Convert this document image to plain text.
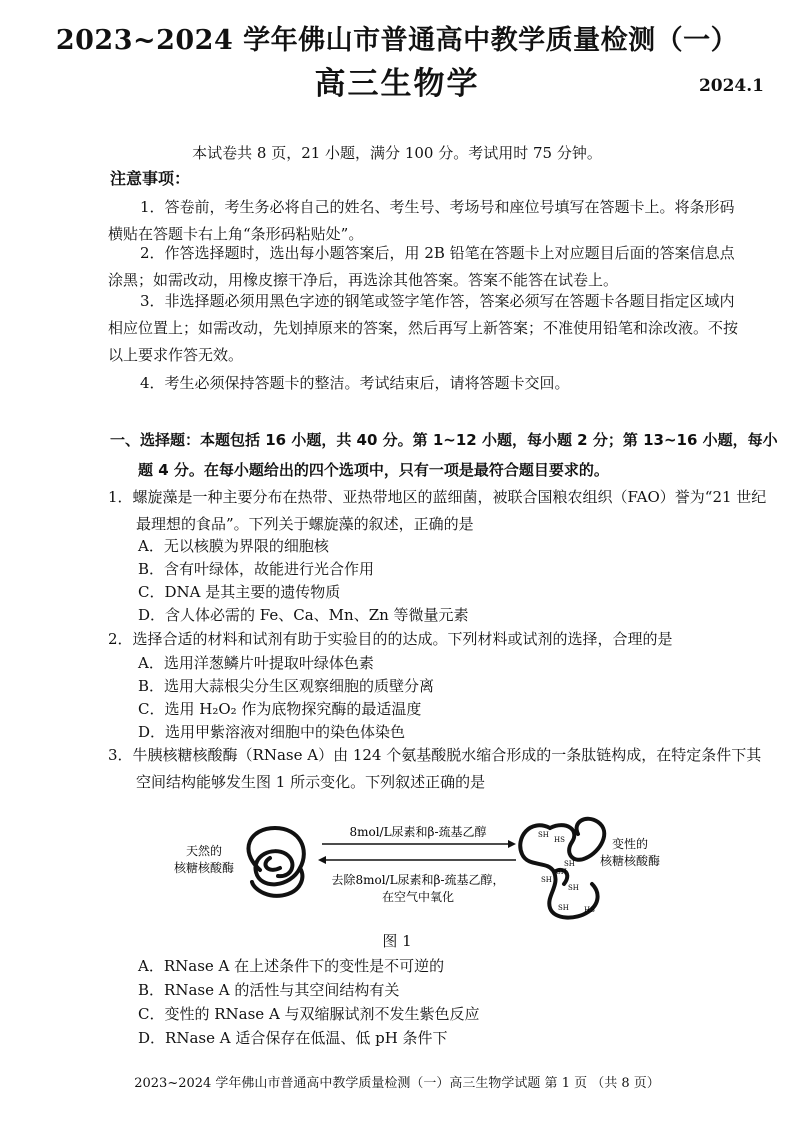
2023~2024 学年佛山市普通高中教学质量检测（一）
高三生物学	2024.1
本试卷共 8 页，21 小题，满分 100 分。考试用时 75 分钟。
注意事项：
1．答卷前，考生务必将自己的姓名、考生号、考场号和座位号填写在答题卡上。将条形码横贴在答题卡右上角“条形码粘贴处”。
2．作答选择题时，选出每小题答案后，用 2B 铅笔在答题卡上对应题目后面的答案信息点涂黑；如需改动，用橡皮擦干净后，再选涂其他答案。答案不能答在试卷上。
3．非选择题必须用黑色字迹的钢笔或签字笔作答，答案必须写在答题卡各题目指定区域内相应位置上；如需改动，先划掉原来的答案，然后再写上新答案；不准使用铅笔和涂改液。不按以上要求作答无效。
4．考生必须保持答题卡的整洁。考试结束后，请将答题卡交回。
一、选择题：本题包括 16 小题，共 40 分。第 1~12 小题，每小题 2 分；第 13~16 小题，每小题 4 分。在每小题给出的四个选项中，只有一项是最符合题目要求的。
1．螺旋藻是一种主要分布在热带、亚热带地区的蓝细菌，被联合国粮农组织（FAO）誉为“21 世纪最理想的食品”。下列关于螺旋藻的叙述，正确的是
A．无以核膜为界限的细胞核
B．含有叶绿体，故能进行光合作用
C．DNA 是其主要的遗传物质
D．含人体必需的 Fe、Ca、Mn、Zn 等微量元素
2．选择合适的材料和试剂有助于实验目的的达成。下列材料或试剂的选择，合理的是
A．选用洋葱鳞片叶提取叶绿体色素
B．选用大蒜根尖分生区观察细胞的质壁分离
C．选用 H₂O₂ 作为底物探究酶的最适温度
D．选用甲紫溶液对细胞中的染色体染色
3．牛胰核糖核酸酶（RNase A）由 124 个氨基酸脱水缩合形成的一条肽链构成，在特定条件下其空间结构能够发生图 1 所示变化。下列叙述正确的是
天然的
核糖核酸酶
8mol/L尿素和β-巯基乙醇
去除8mol/L尿素和β-巯基乙醇，
在空气中氧化
SH
HS
SH
SH
SH
SH
SH HS
变性的
核糖核酸酶
图 1
A．RNase A 在上述条件下的变性是不可逆的
B．RNase A 的活性与其空间结构有关
C．变性的 RNase A 与双缩脲试剂不发生紫色反应
D．RNase A 适合保存在低温、低 pH 条件下
2023~2024 学年佛山市普通高中教学质量检测（一）高三生物学试题 第 1 页 （共 8 页）
